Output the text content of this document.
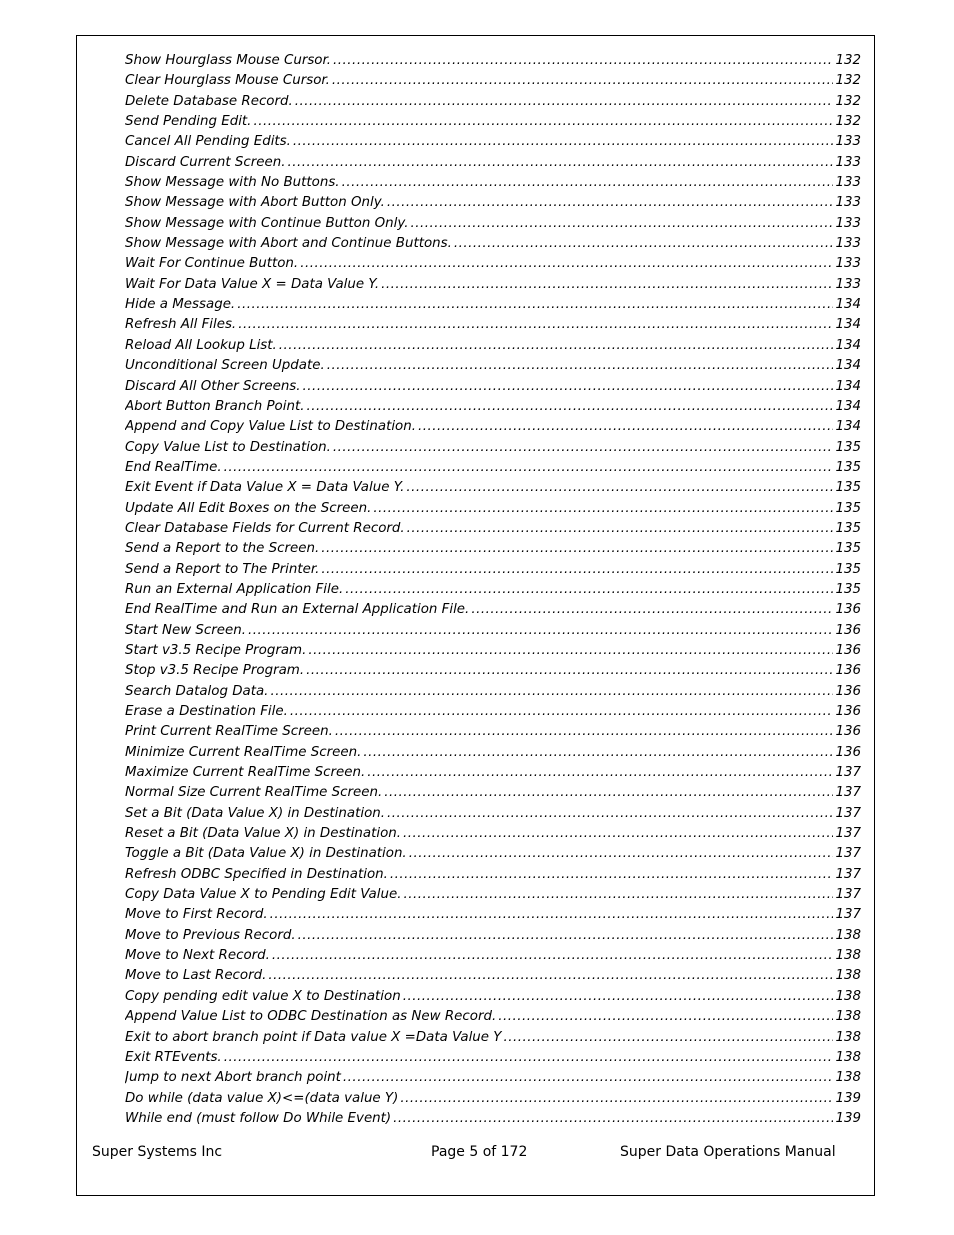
Show Hourglass Mouse Cursor. .....	132
Clear Hourglass Mouse Cursor. .....	132
Delete Database Record. .....	132
Send Pending Edit. .....	132
Cancel All Pending Edits. .....	133
Discard Current Screen. .....	133
Show Message with No Buttons. .....	133
Show Message with Abort Button Only. .....	133
Show Message with Continue Button Only. .....	133
Show Message with Abort and Continue Buttons. .....	133
Wait For Continue Button. .....	133
Wait For Data Value X = Data Value Y. .....	133
Hide a Message. .....	134
Refresh All Files. .....	134
Reload All Lookup List. .....	134
Unconditional Screen Update. .....	134
Discard All Other Screens. .....	134
Abort Button Branch Point. .....	134
Append and Copy Value List to Destination. .....	134
Copy Value List to Destination. .....	135
End RealTime. .....	135
Exit Event if Data Value X = Data Value Y. .....	135
Update All Edit Boxes on the Screen. .....	135
Clear Database Fields for Current Record. .....	135
Send a Report to the Screen. .....	135
Send a Report to The Printer. .....	135
Run an External Application File. .....	135
End RealTime and Run an External Application File. .....	136
Start New Screen. .....	136
Start v3.5 Recipe Program. .....	136
Stop v3.5 Recipe Program. .....	136
Search Datalog Data. .....	136
Erase a Destination File. .....	136
Print Current RealTime Screen. .....	136
Minimize Current RealTime Screen. .....	136
Maximize Current RealTime Screen. .....	137
Normal Size Current RealTime Screen. .....	137
Set a Bit (Data Value X) in Destination. .....	137
Reset a Bit (Data Value X) in Destination. .....	137
Toggle a Bit (Data Value X) in Destination. .....	137
Refresh ODBC Specified in Destination. .....	137
Copy Data Value X to Pending Edit Value. .....	137
Move to First Record. .....	137
Move to Previous Record. .....	138
Move to Next Record. .....	138
Move to Last Record. .....	138
Copy pending edit value X to Destination .....	138
Append Value List to ODBC Destination as New Record. .....	138
Exit to abort branch point if Data value X =Data Value Y .....	138
Exit RTEvents. .....	138
Jump to next Abort branch point .....	138
Do while (data value X)<=(data value Y) .....	139
While end (must follow Do While Event) .....	139
Super Systems Inc	Page 5 of 172	Super Data Operations Manual
